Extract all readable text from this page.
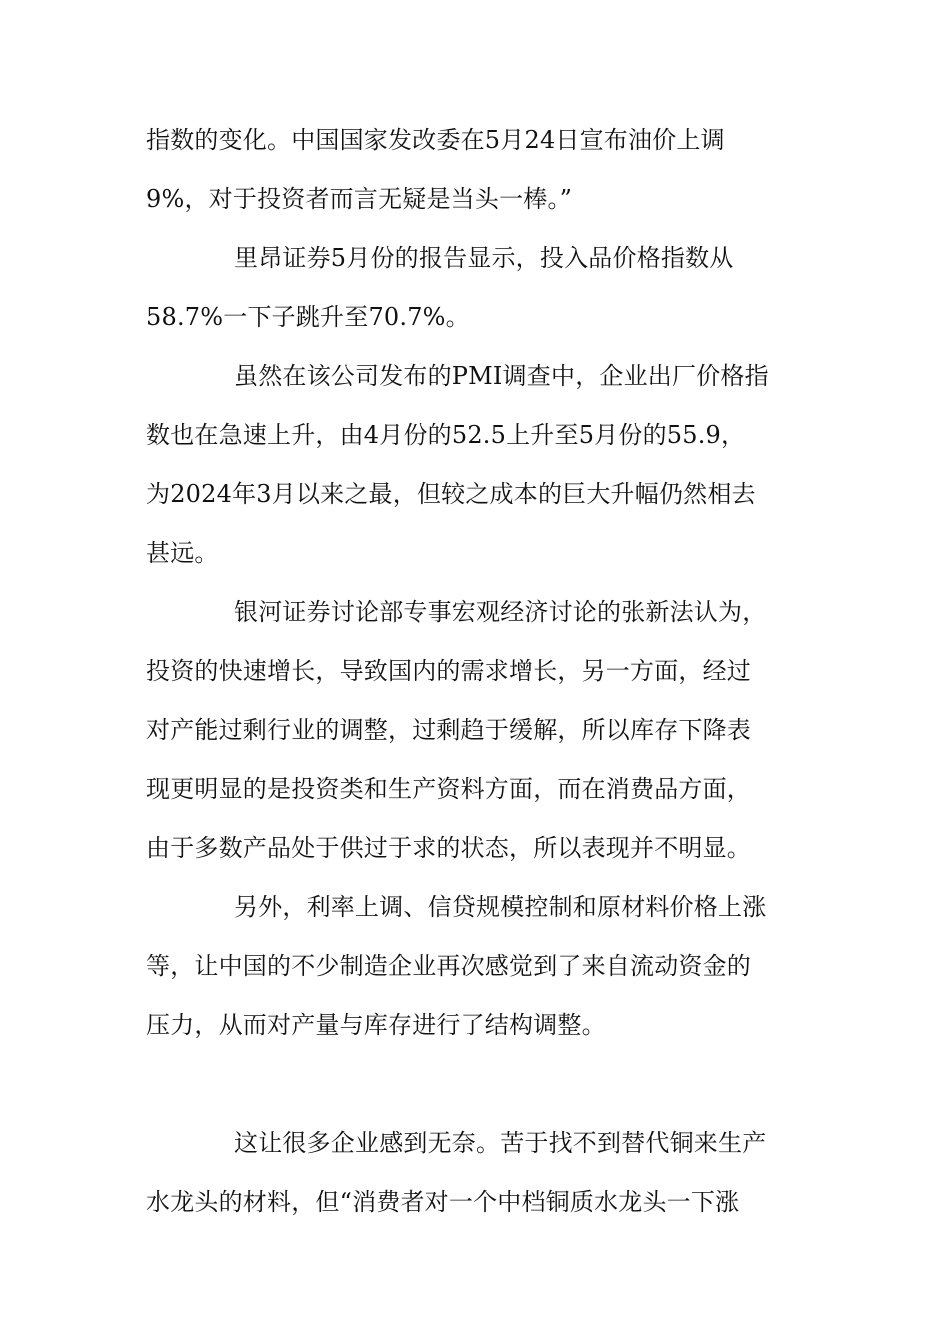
指数的变化。中国国家发改委在5月24日宣布油价上调
9%，对于投资者而言无疑是当头一棒。”
里昂证券5月份的报告显示，投入品价格指数从
58.7%一下子跳升至70.7%。
虽然在该公司发布的PMI调查中，企业出厂价格指
数也在急速上升，由4月份的52.5上升至5月份的55.9，
为2024年3月以来之最，但较之成本的巨大升幅仍然相去
甚远。
银河证券讨论部专事宏观经济讨论的张新法认为，
投资的快速增长，导致国内的需求增长，另一方面，经过
对产能过剩行业的调整，过剩趋于缓解，所以库存下降表
现更明显的是投资类和生产资料方面，而在消费品方面，
由于多数产品处于供过于求的状态，所以表现并不明显。
另外，利率上调、信贷规模控制和原材料价格上涨
等，让中国的不少制造企业再次感觉到了来自流动资金的
压力，从而对产量与库存进行了结构调整。
这让很多企业感到无奈。苦于找不到替代铜来生产
水龙头的材料，但“消费者对一个中档铜质水龙头一下涨
